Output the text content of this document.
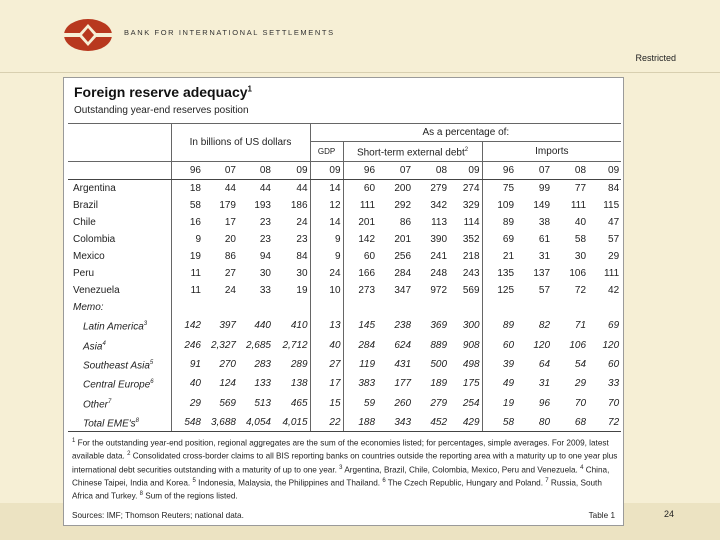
BANK FOR INTERNATIONAL SETTLEMENTS
Restricted
24
Foreign reserve adequacy$^1$
Outstanding year-end reserves position
	In billions of US dollars				As a percentage of:								
					GDP	Short-term external debt$^2$				Imports			
	96	07	08	09	09	96	07	08	09	96	07	08	09
Argentina	18	44	44	44	14	60	200	279	274	75	99	77	84
Brazil	58	179	193	186	12	111	292	342	329	109	149	111	115
Chile	16	17	23	24	14	201	86	113	114	89	38	40	47
Colombia	9	20	23	23	9	142	201	390	352	69	61	58	57
Mexico	19	86	94	84	9	60	256	241	218	21	31	30	29
Peru	11	27	30	30	24	166	284	248	243	135	137	106	111
Venezuela	11	24	33	19	10	273	347	972	569	125	57	72	42
Memo:													
Latin America$^3$	142	397	440	410	13	145	238	369	300	89	82	71	69
Asia$^4$	246	2,327	2,685	2,712	40	284	624	889	908	60	120	106	120
Southeast Asia$^5$	91	270	283	289	27	119	431	500	498	39	64	54	60
Central Europe$^6$	40	124	133	138	17	383	177	189	175	49	31	29	33
Other$^7$	29	569	513	465	15	59	260	279	254	19	96	70	70
Total $EME's^8$	548	3,688	4,054	4,015	22	188	343	452	429	58	80	68	72
$^1$ For the outstanding year-end position, regional aggregates are the sum of the economies listed; for percentages, simple averages. For 2009, latest available data. $^2$ Consolidated cross-border claims to all BIS reporting banks on countries outside the reporting area with a maturity up to one year plus international debt securities outstanding with a maturity of up to one year. $^3$ Argentina, Brazil, Chile, Colombia, Mexico, Peru and Venezuela. $^4$ China, Chinese Taipei, India and Korea. $^5$ Indonesia, Malaysia, the Philippines and Thailand. $^6$ The Czech Republic, Hungary and Poland. $^7$ Russia, South Africa and Turkey. $^8$ Sum of the regions listed.
Sources: IMF; Thomson Reuters; national data.	Table 1
